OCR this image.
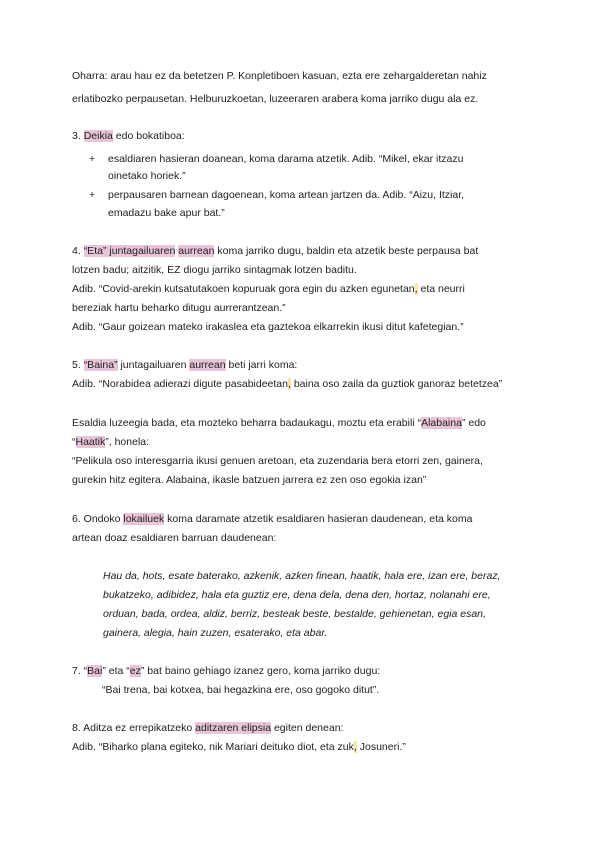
Oharra: arau hau ez da betetzen P. Konpletiboen kasuan, ezta ere zehargalderetan nahiz
erlatibozko perpausetan. Helburuzkoetan, luzeeraren arabera koma jarriko dugu ala ez.
3. Deikia edo bokatiboa:
+ esaldiaren hasieran doanean, koma darama atzetik. Adib. “Mikel, ekar itzazu
oinetako horiek.”
+ perpausaren barnean dagoenean, koma artean jartzen da. Adib. “Aizu, Itziar,
emadazu bake apur bat.”
4. “Eta” juntagailuaren aurrean koma jarriko dugu, baldin eta atzetik beste perpausa bat
lotzen badu; aitzitik, EZ diogu jarriko sintagmak lotzen baditu.
Adib. “Covid-arekin kutsatutakoen kopuruak gora egin du azken egunetan, eta neurri
bereziak hartu beharko ditugu aurrerantzean.”
Adib. “Gaur goizean mateko irakaslea eta gaztekoa elkarrekin ikusi ditut kafetegian.”
5. “Baina” juntagailuaren aurrean beti jarri koma:
Adib. “Norabidea adierazi digute pasabideetan, baina oso zaila da guztiok ganoraz betetzea”
Esaldia luzeegia bada, eta mozteko beharra badaukagu, moztu eta erabili “Alabaina” edo
“Haatik”, honela:
“Pelikula oso interesgarria ikusi genuen aretoan, eta zuzendaria bera etorri zen, gainera,
gurekin hitz egitera. Alabaina, ikasle batzuen jarrera ez zen oso egokia izan”
6. Ondoko lokailuek koma daramate atzetik esaldiaren hasieran daudenean, eta koma
artean doaz esaldiaren barruan daudenean:
Hau da, hots, esate baterako, azkenik, azken finean, haatik, hala ere, izan ere, beraz,
bukatzeko, adibidez, hala eta guztiz ere, dena dela, dena den, hortaz, nolanahi ere,
orduan, bada, ordea, aldiz, berriz, besteak beste, bestalde, gehienetan, egia esan,
gainera, alegia, hain zuzen, esaterako, eta abar.
7. “Bai” eta “ez” bat baino gehiago izanez gero, koma jarriko dugu:
“Bai trena, bai kotxea, bai hegazkina ere, oso gogoko ditut”.
8. Aditza ez errepikatzeko aditzaren elipsia egiten denean:
Adib. “Biharko plana egiteko, nik Mariari deituko diot, eta zuk, Josuneri.”
